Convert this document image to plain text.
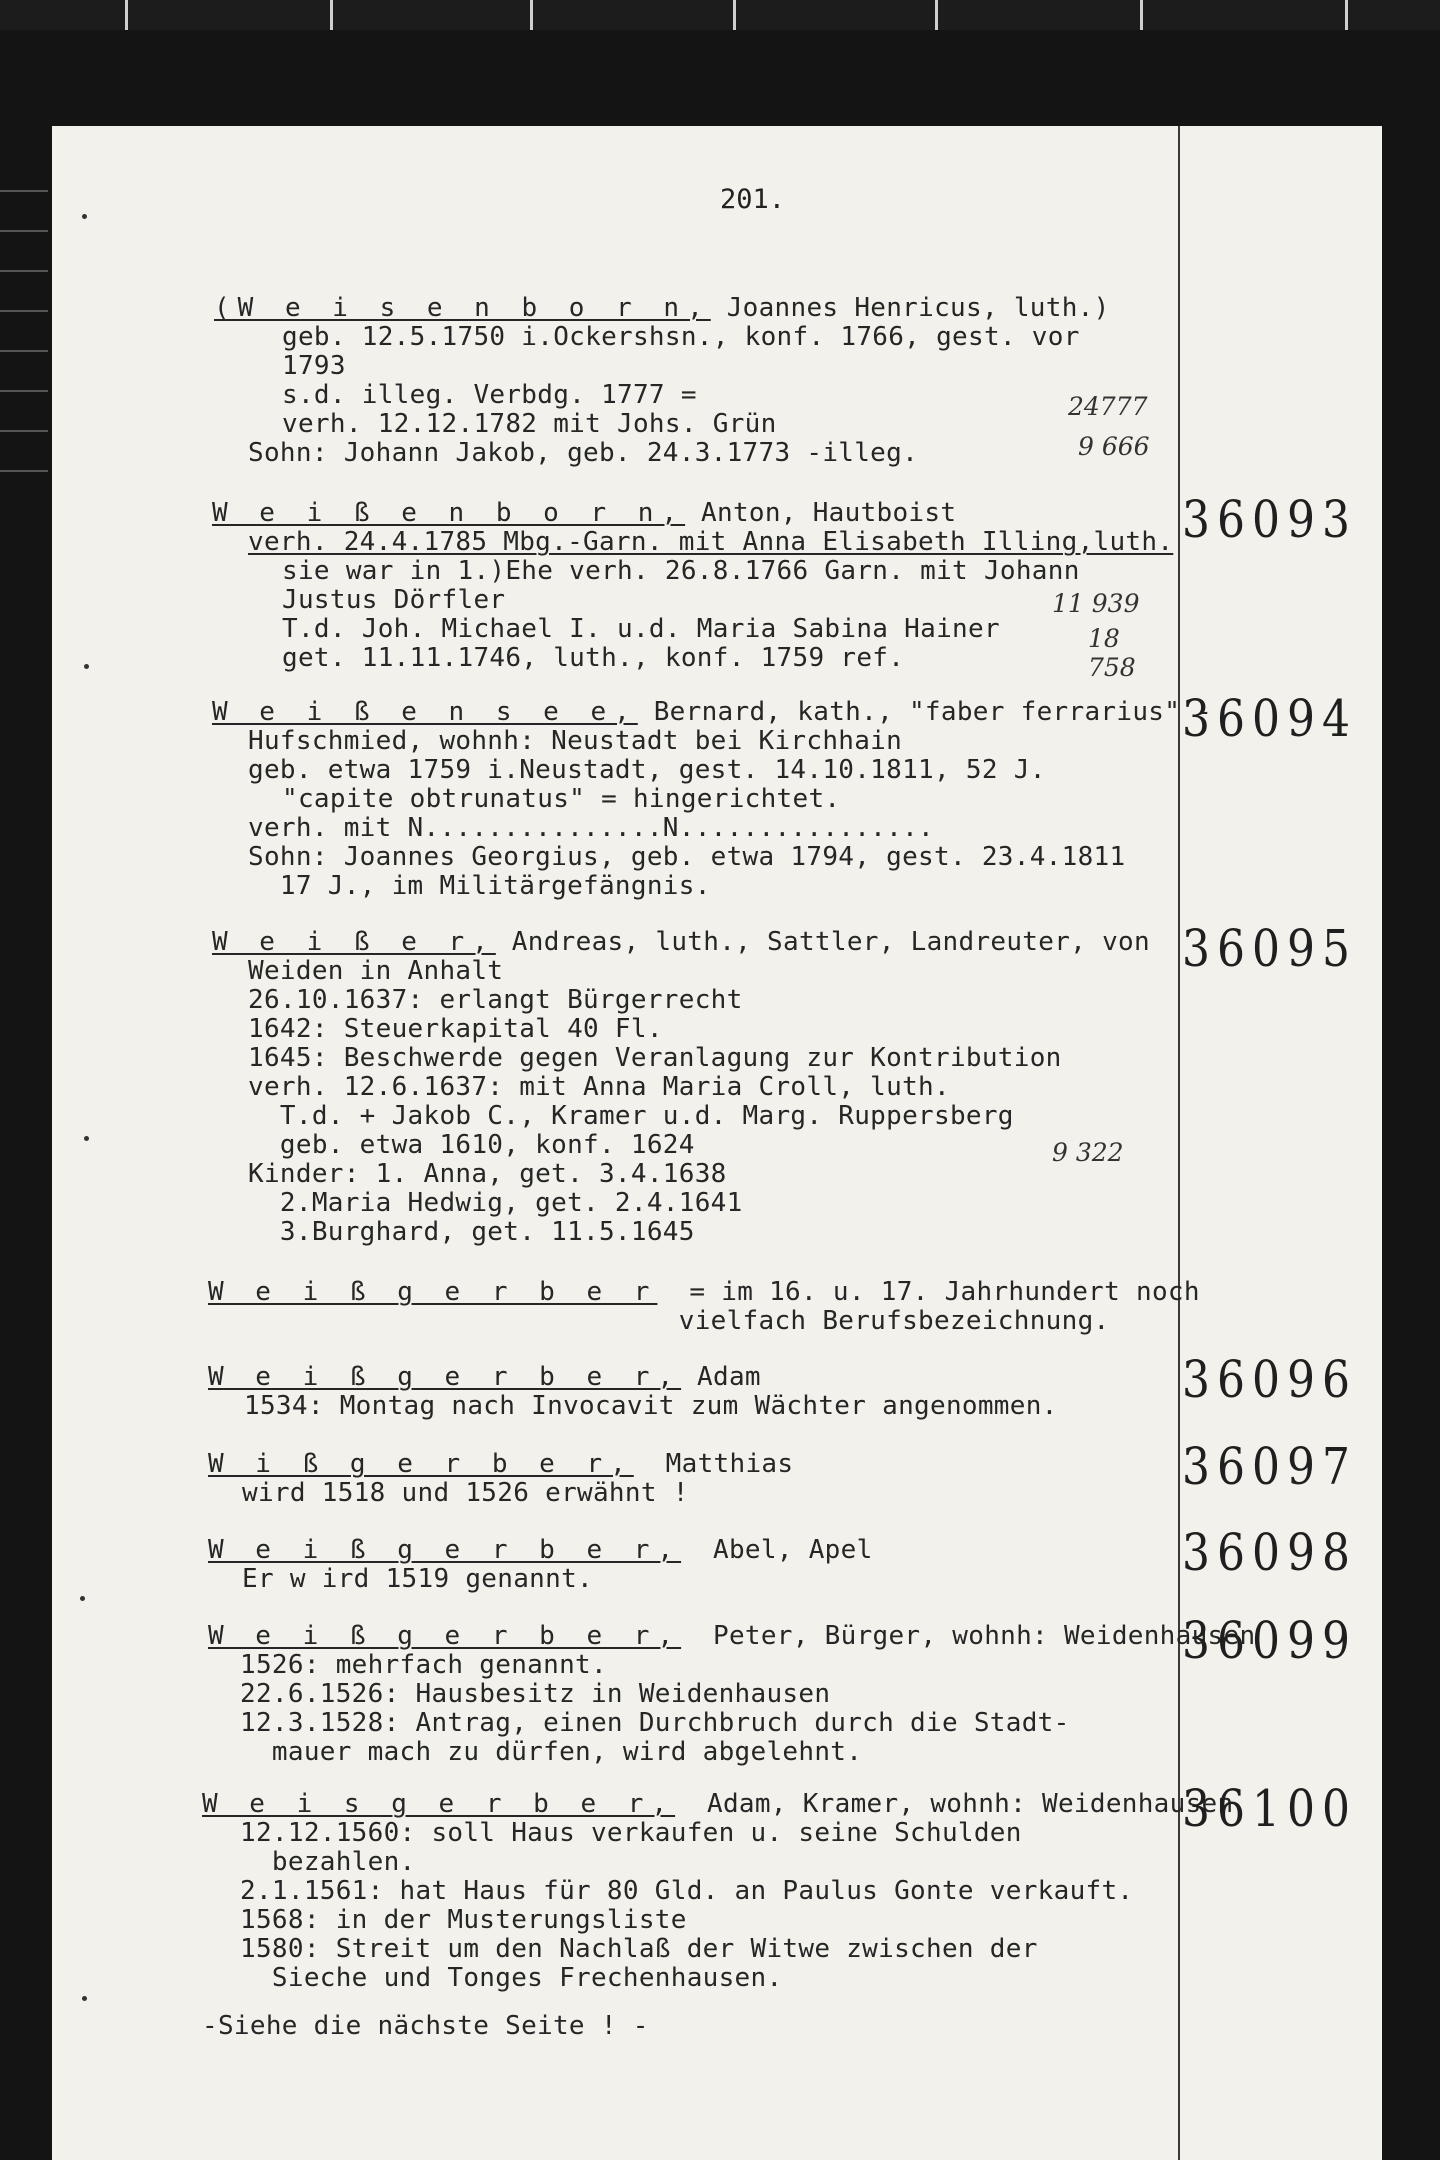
201.
(W e i s e n b o r n, Joannes Henricus, luth.)
geb. 12.5.1750 i.Ockershsn., konf. 1766, gest. vor
1793
s.d. illeg. Verbdg. 1777 =
verh. 12.12.1782 mit Johs. Grün
Sohn: Johann Jakob, geb. 24.3.1773 -illeg.
24777
9 666
W e i ß e n b o r n, Anton, Hautboist
verh. 24.4.1785 Mbg.-Garn. mit Anna Elisabeth Illing,luth.
sie war in 1.)Ehe verh. 26.8.1766 Garn. mit Johann
Justus Dörfler
T.d. Joh. Michael I. u.d. Maria Sabina Hainer
get. 11.11.1746, luth., konf. 1759 ref.
11 939
18 758
36093
W e i ß e n s e e, Bernard, kath., "faber ferrarius" -
Hufschmied, wohnh: Neustadt bei Kirchhain
geb. etwa 1759 i.Neustadt, gest. 14.10.1811, 52 J.
"capite obtrunatus" = hingerichtet.
verh. mit N...............N................
Sohn: Joannes Georgius, geb. etwa 1794, gest. 23.4.1811
17 J., im Militärgefängnis.
36094
W e i ß e r, Andreas, luth., Sattler, Landreuter, von
Weiden in Anhalt
26.10.1637: erlangt Bürgerrecht
1642: Steuerkapital 40 Fl.
1645: Beschwerde gegen Veranlagung zur Kontribution
verh. 12.6.1637: mit Anna Maria Croll, luth.
T.d. + Jakob C., Kramer u.d. Marg. Ruppersberg
geb. etwa 1610, konf. 1624
Kinder: 1. Anna, get. 3.4.1638
2.Maria Hedwig, get. 2.4.1641
3.Burghard, get. 11.5.1645
9 322
36095
W e i ß g e r b e r  = im 16. u. 17. Jahrhundert noch
vielfach Berufsbezeichnung.
W e i ß g e r b e r, Adam
1534: Montag nach Invocavit zum Wächter angenommen.	36096
W i ß g e r b e r,  Matthias
wird 1518 und 1526 erwähnt !	36097
W e i ß g e r b e r,  Abel, Apel
Er w ird 1519 genannt.	36098
W e i ß g e r b e r,  Peter, Bürger, wohnh: Weidenhausen
1526: mehrfach genannt.
22.6.1526: Hausbesitz in Weidenhausen
12.3.1528: Antrag, einen Durchbruch durch die Stadt-
mauer mach zu dürfen, wird abgelehnt.
36099
W e i s g e r b e r,  Adam, Kramer, wohnh: Weidenhausen
12.12.1560: soll Haus verkaufen u. seine Schulden
bezahlen.
2.1.1561: hat Haus für 80 Gld. an Paulus Gonte verkauft.
1568: in der Musterungsliste
1580: Streit um den Nachlaß der Witwe zwischen der
Sieche und Tonges Frechenhausen.
36100
-Siehe die nächste Seite ! -
